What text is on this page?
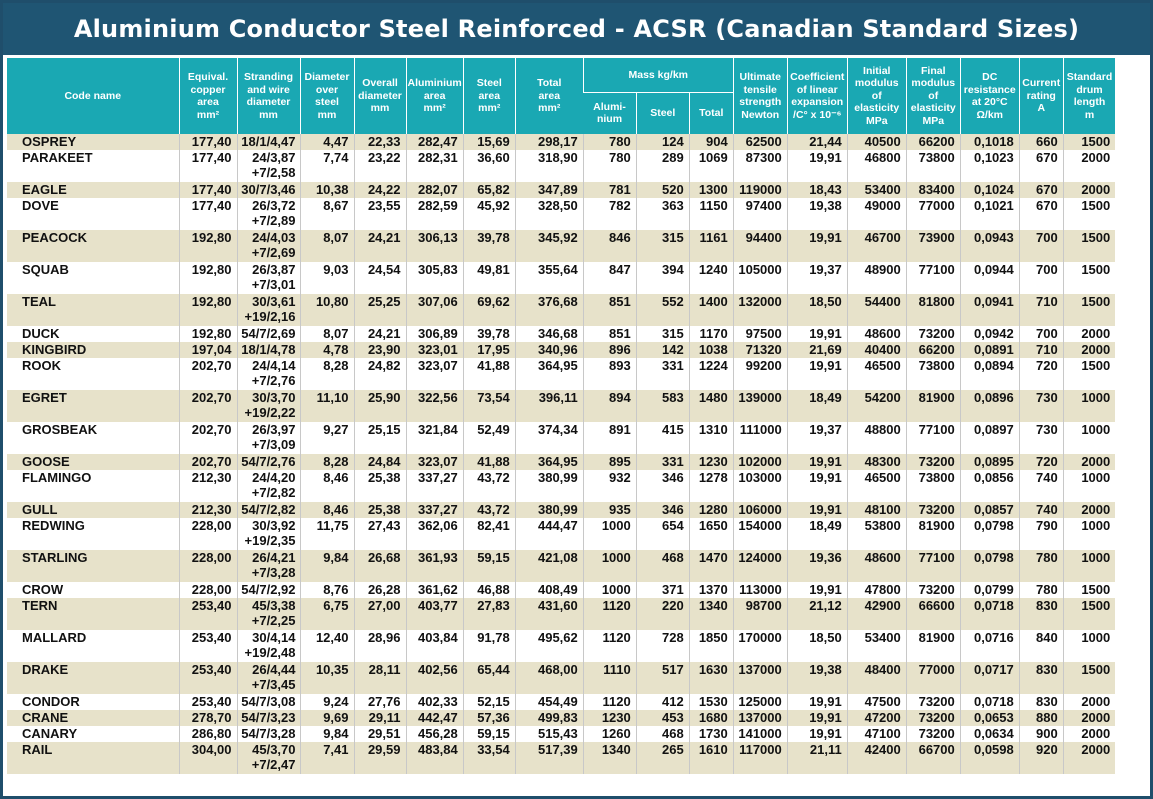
Aluminium Conductor Steel Reinforced - ACSR (Canadian Standard Sizes)
Code name	Equival.
copper
area
mm²	Stranding
and wire
diameter
mm	Diameter
over
steel
mm	Overall
diameter
mm	Aluminium
area
mm²	Steel
area
mm²	Total
area
mm²	Mass kg/km			Ultimate
tensile
strength
Newton	Coefficient
of linear
expansion
/C° x 10⁻⁶	Initial
modulus
of
elasticity
MPa	Final
modulus
of
elasticity
MPa	DC
resistance
at 20°C
Ω/km	Current
rating
A	Standard
drum
length
m

								Alumi-
nium	Steel	Total							

OSPREY	177,40	18/1/4,47	4,47	22,33	282,47	15,69	298,17	780	124	904	62500	21,44	40500	66200	0,1018	660	1500
PARAKEET	177,40	24/3,87
+7/2,58	7,74	23,22	282,31	36,60	318,90	780	289	1069	87300	19,91	46800	73800	0,1023	670	2000
EAGLE	177,40	30/7/3,46	10,38	24,22	282,07	65,82	347,89	781	520	1300	119000	18,43	53400	83400	0,1024	670	2000
DOVE	177,40	26/3,72
+7/2,89	8,67	23,55	282,59	45,92	328,50	782	363	1150	97400	19,38	49000	77000	0,1021	670	1500
PEACOCK	192,80	24/4,03
+7/2,69	8,07	24,21	306,13	39,78	345,92	846	315	1161	94400	19,91	46700	73900	0,0943	700	1500
SQUAB	192,80	26/3,87
+7/3,01	9,03	24,54	305,83	49,81	355,64	847	394	1240	105000	19,37	48900	77100	0,0944	700	1500
TEAL	192,80	30/3,61
+19/2,16	10,80	25,25	307,06	69,62	376,68	851	552	1400	132000	18,50	54400	81800	0,0941	710	1500
DUCK	192,80	54/7/2,69	8,07	24,21	306,89	39,78	346,68	851	315	1170	97500	19,91	48600	73200	0,0942	700	2000
KINGBIRD	197,04	18/1/4,78	4,78	23,90	323,01	17,95	340,96	896	142	1038	71320	21,69	40400	66200	0,0891	710	2000
ROOK	202,70	24/4,14
+7/2,76	8,28	24,82	323,07	41,88	364,95	893	331	1224	99200	19,91	46500	73800	0,0894	720	1500
EGRET	202,70	30/3,70
+19/2,22	11,10	25,90	322,56	73,54	396,11	894	583	1480	139000	18,49	54200	81900	0,0896	730	1000
GROSBEAK	202,70	26/3,97
+7/3,09	9,27	25,15	321,84	52,49	374,34	891	415	1310	111000	19,37	48800	77100	0,0897	730	1000
GOOSE	202,70	54/7/2,76	8,28	24,84	323,07	41,88	364,95	895	331	1230	102000	19,91	48300	73200	0,0895	720	2000
FLAMINGO	212,30	24/4,20
+7/2,82	8,46	25,38	337,27	43,72	380,99	932	346	1278	103000	19,91	46500	73800	0,0856	740	1000
GULL	212,30	54/7/2,82	8,46	25,38	337,27	43,72	380,99	935	346	1280	106000	19,91	48100	73200	0,0857	740	2000
REDWING	228,00	30/3,92
+19/2,35	11,75	27,43	362,06	82,41	444,47	1000	654	1650	154000	18,49	53800	81900	0,0798	790	1000
STARLING	228,00	26/4,21
+7/3,28	9,84	26,68	361,93	59,15	421,08	1000	468	1470	124000	19,36	48600	77100	0,0798	780	1000
CROW	228,00	54/7/2,92	8,76	26,28	361,62	46,88	408,49	1000	371	1370	113000	19,91	47800	73200	0,0799	780	1500
TERN	253,40	45/3,38
+7/2,25	6,75	27,00	403,77	27,83	431,60	1120	220	1340	98700	21,12	42900	66600	0,0718	830	1500
MALLARD	253,40	30/4,14
+19/2,48	12,40	28,96	403,84	91,78	495,62	1120	728	1850	170000	18,50	53400	81900	0,0716	840	1000
DRAKE	253,40	26/4,44
+7/3,45	10,35	28,11	402,56	65,44	468,00	1110	517	1630	137000	19,38	48400	77000	0,0717	830	1500
CONDOR	253,40	54/7/3,08	9,24	27,76	402,33	52,15	454,49	1120	412	1530	125000	19,91	47500	73200	0,0718	830	2000
CRANE	278,70	54/7/3,23	9,69	29,11	442,47	57,36	499,83	1230	453	1680	137000	19,91	47200	73200	0,0653	880	2000
CANARY	286,80	54/7/3,28	9,84	29,51	456,28	59,15	515,43	1260	468	1730	141000	19,91	47100	73200	0,0634	900	2000
RAIL	304,00	45/3,70
+7/2,47	7,41	29,59	483,84	33,54	517,39	1340	265	1610	117000	21,11	42400	66700	0,0598	920	2000
